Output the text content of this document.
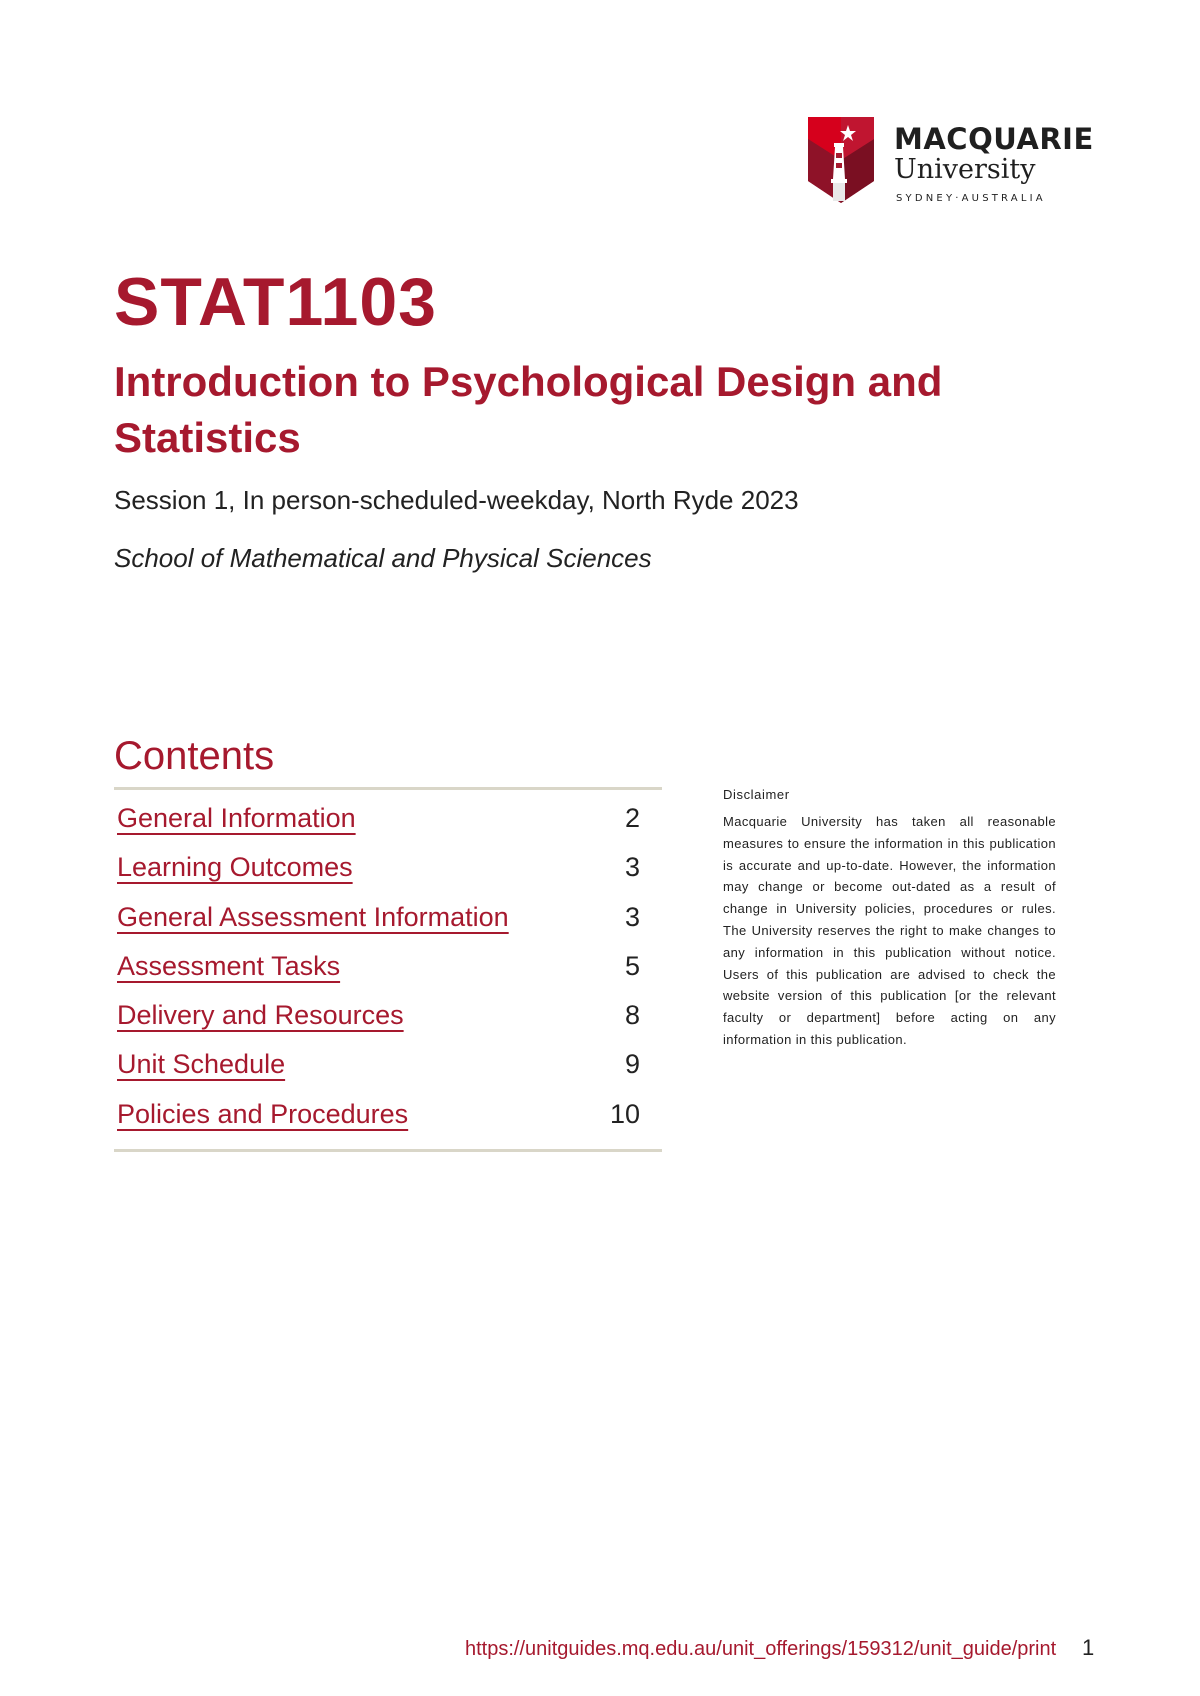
MACQUARIE
University
SYDNEY·AUSTRALIA
STAT1103
Introduction to Psychological Design and Statistics
Session 1, In person-scheduled-weekday, North Ryde 2023
School of Mathematical and Physical Sciences
Contents
General Information	2
Learning Outcomes	3
General Assessment Information	3
Assessment Tasks	5
Delivery and Resources	8
Unit Schedule	9
Policies and Procedures	10
Disclaimer
Macquarie University has taken all reasonable measures to ensure the information in this publication is accurate and up-to-date. However, the information may change or become out-dated as a result of change in University policies, procedures or rules. The University reserves the right to make changes to any information in this publication without notice. Users of this publication are advised to check the website version of this publication [or the relevant faculty or department] before acting on any information in this publication.
https://unitguides.mq.edu.au/unit_offerings/159312/unit_guide/print 1
